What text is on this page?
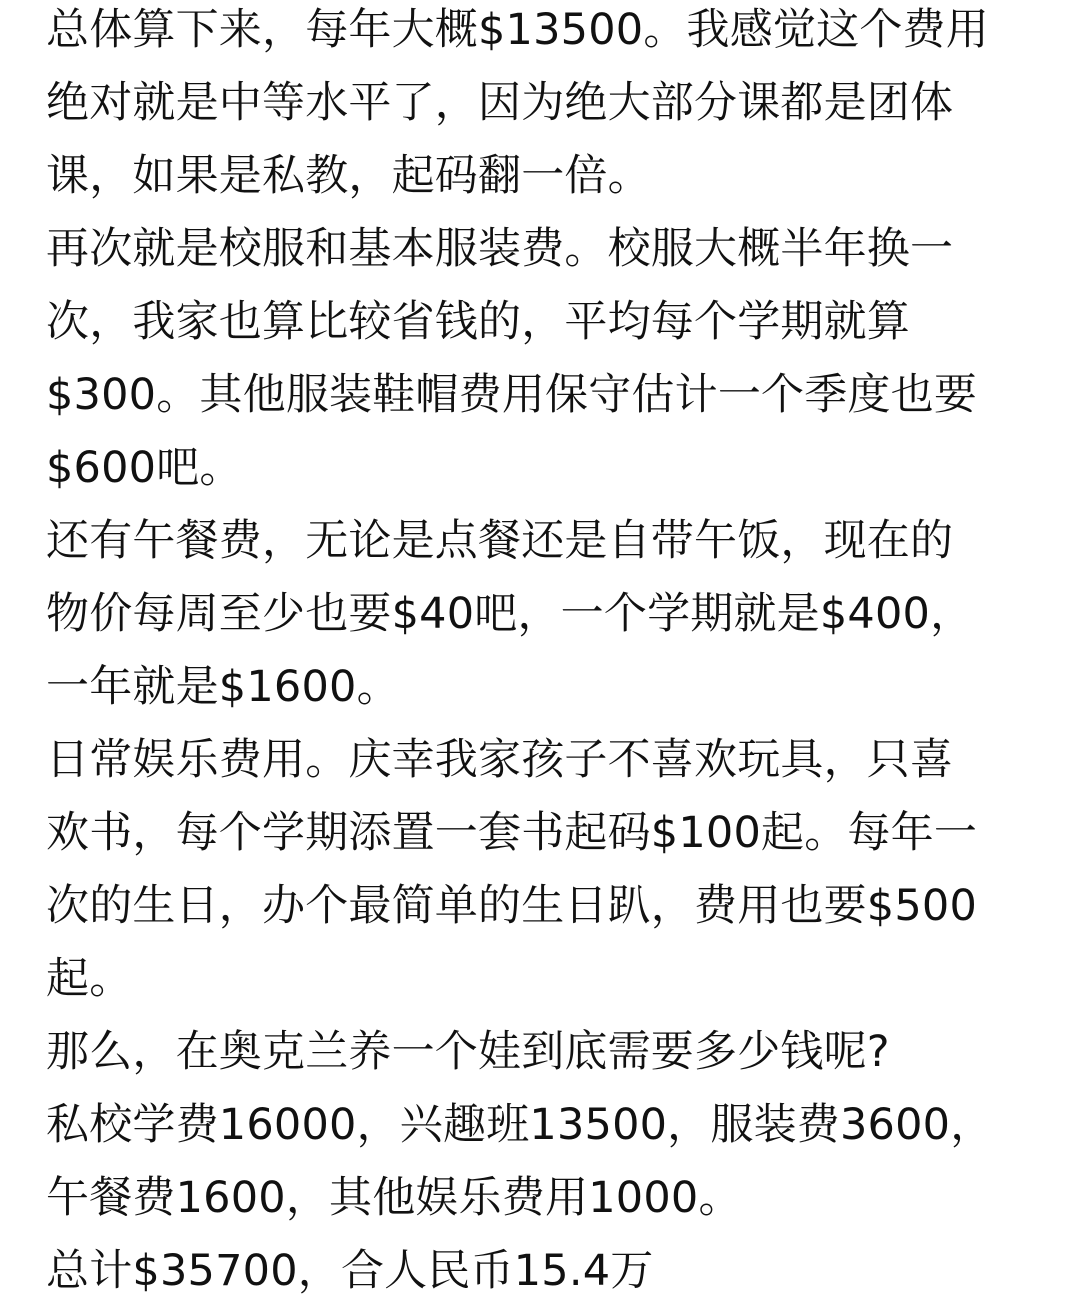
总体算下来，每年大概$13500。我感觉这个费用
绝对就是中等水平了，因为绝大部分课都是团体
课，如果是私教，起码翻一倍。
再次就是校服和基本服装费。校服大概半年换一
次，我家也算比较省钱的，平均每个学期就算
$300。其他服装鞋帽费用保守估计一个季度也要
$600吧。
还有午餐费，无论是点餐还是自带午饭，现在的
物价每周至少也要$40吧，一个学期就是$400，
一年就是$1600。
日常娱乐费用。庆幸我家孩子不喜欢玩具，只喜
欢书，每个学期添置一套书起码$100起。每年一
次的生日，办个最简单的生日趴，费用也要$500
起。
那么，在奥克兰养一个娃到底需要多少钱呢?
私校学费16000，兴趣班13500，服装费3600，
午餐费1600，其他娱乐费用1000。
总计$35700，合人民币15.4万
